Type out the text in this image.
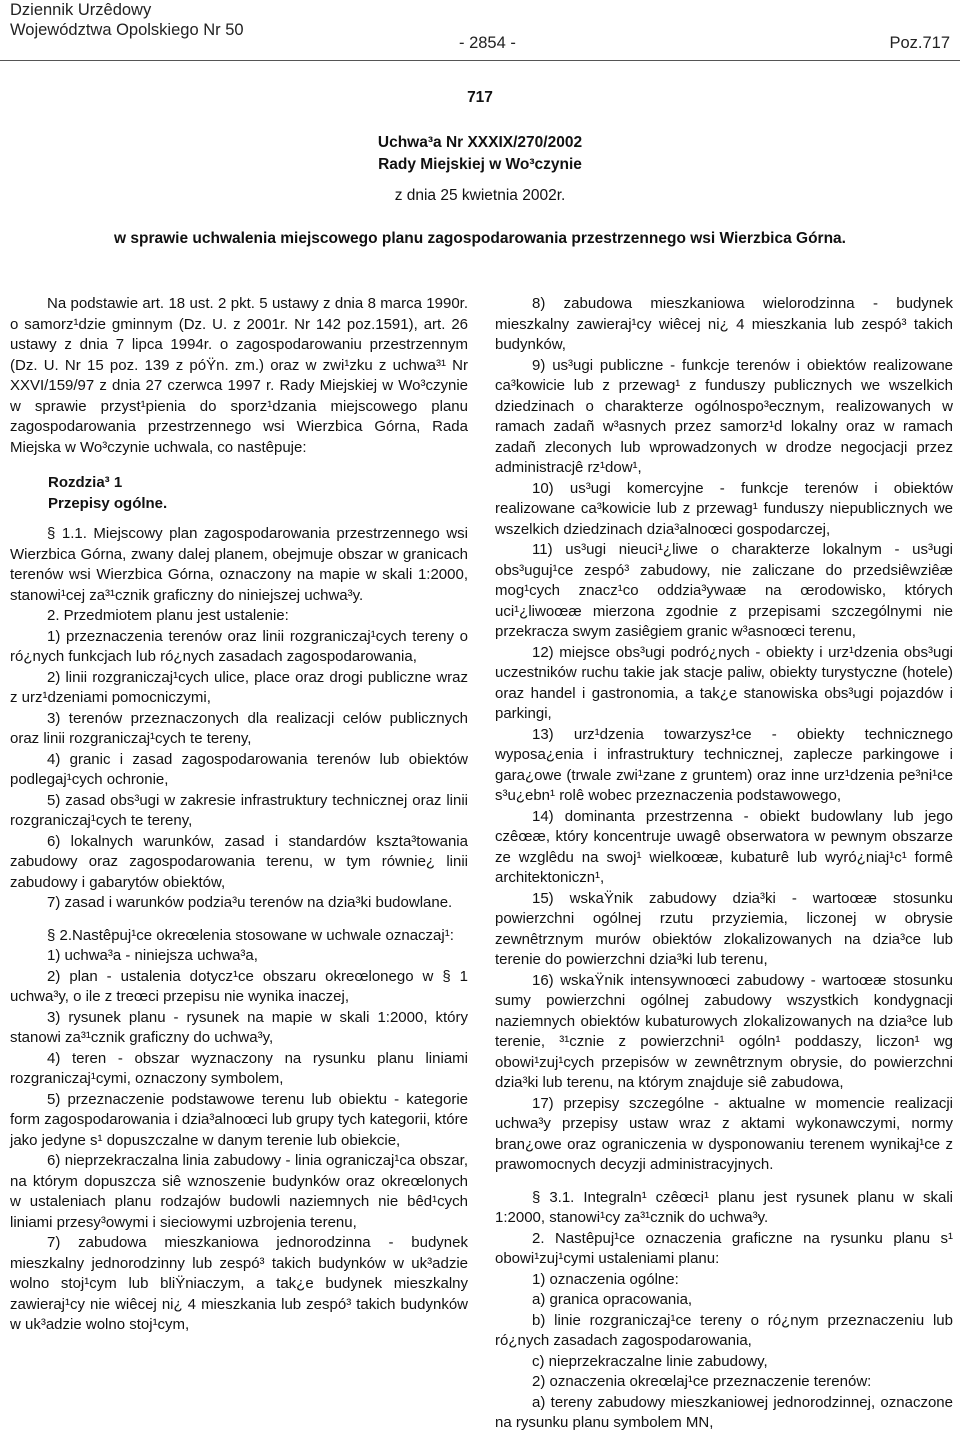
Dziennik Urzêdowy
Województwa Opolskiego Nr 50
- 2854 -	Poz.717
717
Uchwa³a Nr XXXIX/270/2002
Rady Miejskiej w Wo³czynie
z dnia 25 kwietnia 2002r.
w sprawie uchwalenia miejscowego planu zagospodarowania przestrzennego wsi Wierzbica Górna.

Na podstawie art. 18 ust. 2 pkt. 5 ustawy z dnia 8 marca 1990r. o samorz¹dzie gminnym (Dz. U. z 2001r. Nr 142 poz.1591), art. 26 ustawy z dnia 7 lipca 1994r. o zagospodarowaniu przestrzennym (Dz. U. Nr 15 poz. 139 z póŸn. zm.) oraz w zwi¹zku z uchwa³¹ Nr XXVI/159/97 z dnia 27 czerwca 1997 r. Rady Miejskiej w Wo³czynie w sprawie przyst¹pienia do sporz¹dzania miejscowego planu zagospodarowania przestrzennego wsi Wierzbica Górna, Rada Miejska w Wo³czynie uchwala, co nastêpuje:

Rozdzia³ 1
Przepisy ogólne.

§ 1.1. Miejscowy plan zagospodarowania przestrzennego wsi Wierzbica Górna, zwany dalej planem, obejmuje obszar w granicach terenów wsi Wierzbica Górna, oznaczony na mapie w skali 1:2000, stanowi¹cej za³¹cznik graficzny do niniejszej uchwa³y.

2. Przedmiotem planu jest ustalenie:

1) przeznaczenia terenów oraz linii rozgraniczaj¹cych tereny o ró¿nych funkcjach lub ró¿nych zasadach zagospodarowania,

2) linii rozgraniczaj¹cych ulice, place oraz drogi publiczne wraz z urz¹dzeniami pomocniczymi,

3) terenów przeznaczonych dla realizacji celów publicznych oraz linii rozgraniczaj¹cych te tereny,

4) granic i zasad zagospodarowania terenów lub obiektów podlegaj¹cych ochronie,

5) zasad obs³ugi w zakresie infrastruktury technicznej oraz linii rozgraniczaj¹cych te tereny,

6) lokalnych warunków, zasad i standardów kszta³towania zabudowy oraz zagospodarowania terenu, w tym równie¿ linii zabudowy i gabarytów obiektów,

7) zasad i warunków podzia³u terenów na dzia³ki budowlane.

§ 2.Nastêpuj¹ce okreœlenia stosowane w uchwale oznaczaj¹:

1) uchwa³a - niniejsza uchwa³a,

2) plan - ustalenia dotycz¹ce obszaru okreœlonego w § 1 uchwa³y, o ile z treœci przepisu nie wynika inaczej,

3) rysunek planu - rysunek na mapie w skali 1:2000, który stanowi za³¹cznik graficzny do uchwa³y,

4) teren - obszar wyznaczony na rysunku planu liniami rozgraniczaj¹cymi, oznaczony symbolem,

5) przeznaczenie podstawowe terenu lub obiektu - kategorie form zagospodarowania i dzia³alnoœci lub grupy tych kategorii, które jako jedyne s¹ dopuszczalne w danym terenie lub obiekcie,

6) nieprzekraczalna linia zabudowy - linia ograniczaj¹ca obszar, na którym dopuszcza siê wznoszenie budynków oraz okreœlonych w ustaleniach planu rodzajów budowli naziemnych nie bêd¹cych liniami przesy³owymi i sieciowymi uzbrojenia terenu,

7) zabudowa mieszkaniowa jednorodzinna - budynek mieszkalny jednorodzinny lub zespó³ takich budynków w uk³adzie wolno stoj¹cym lub bliŸniaczym, a tak¿e budynek mieszkalny zawieraj¹cy nie wiêcej ni¿ 4 mieszkania lub zespó³ takich budynków w uk³adzie wolno stoj¹cym,

8) zabudowa mieszkaniowa wielorodzinna - budynek mieszkalny zawieraj¹cy wiêcej ni¿ 4 mieszkania lub zespó³ takich budynków,

9) us³ugi publiczne - funkcje terenów i obiektów realizowane ca³kowicie lub z przewag¹ z funduszy publicznych we wszelkich dziedzinach o charakterze ogólnospo³ecznym, realizowanych w ramach zadañ w³asnych przez samorz¹d lokalny oraz w ramach zadañ zleconych lub wprowadzonych w drodze negocjacji przez administracjê rz¹dow¹,

10) us³ugi komercyjne - funkcje terenów i obiektów realizowane ca³kowicie lub z przewag¹ funduszy niepublicznych we wszelkich dziedzinach dzia³alnoœci gospodarczej,

11) us³ugi nieuci¹¿liwe o charakterze lokalnym - us³ugi obs³uguj¹ce zespó³ zabudowy, nie zaliczane do przedsiêwziêæ mog¹cych znacz¹co oddzia³ywaæ na œrodowisko, których uci¹¿liwoœæ mierzona zgodnie z przepisami szczególnymi nie przekracza swym zasiêgiem granic w³asnoœci terenu,

12) miejsce obs³ugi podró¿nych - obiekty i urz¹dzenia obs³ugi uczestników ruchu takie jak stacje paliw, obiekty turystyczne (hotele) oraz handel i gastronomia, a tak¿e stanowiska obs³ugi pojazdów i parkingi,

13) urz¹dzenia towarzysz¹ce - obiekty technicznego wyposa¿enia i infrastruktury technicznej, zaplecze parkingowe i gara¿owe (trwale zwi¹zane z gruntem) oraz inne urz¹dzenia pe³ni¹ce s³u¿ebn¹ rolê wobec przeznaczenia podstawowego,

14) dominanta przestrzenna - obiekt budowlany lub jego czêœæ, który koncentruje uwagê obserwatora w pewnym obszarze ze wzglêdu na swoj¹ wielkoœæ, kubaturê lub wyró¿niaj¹c¹ formê architektoniczn¹,

15) wskaŸnik zabudowy dzia³ki - wartoœæ stosunku powierzchni ogólnej rzutu przyziemia, liczonej w obrysie zewnêtrznym murów obiektów zlokalizowanych na dzia³ce lub terenie do powierzchni dzia³ki lub terenu,

16) wskaŸnik intensywnoœci zabudowy - wartoœæ stosunku sumy powierzchni ogólnej zabudowy wszystkich kondygnacji naziemnych obiektów kubaturowych zlokalizowanych na dzia³ce lub terenie, ³¹cznie z powierzchni¹ ogóln¹ poddaszy, liczon¹ wg obowi¹zuj¹cych przepisów w zewnêtrznym obrysie, do powierzchni dzia³ki lub terenu, na którym znajduje siê zabudowa,

17) przepisy szczególne - aktualne w momencie realizacji uchwa³y przepisy ustaw wraz z aktami wykonawczymi, normy bran¿owe oraz ograniczenia w dysponowaniu terenem wynikaj¹ce z prawomocnych decyzji administracyjnych.

§ 3.1. Integraln¹ czêœci¹ planu jest rysunek planu w skali 1:2000, stanowi¹cy za³¹cznik do uchwa³y.

2. Nastêpuj¹ce oznaczenia graficzne na rysunku planu s¹ obowi¹zuj¹cymi ustaleniami planu:

1) oznaczenia ogólne:

a) granica opracowania,

b) linie rozgraniczaj¹ce tereny o ró¿nym przeznaczeniu lub ró¿nych zasadach zagospodarowania,

c) nieprzekraczalne linie zabudowy,

2) oznaczenia okreœlaj¹ce przeznaczenie terenów:

a) tereny zabudowy mieszkaniowej jednorodzinnej, oznaczone na rysunku planu symbolem MN,
